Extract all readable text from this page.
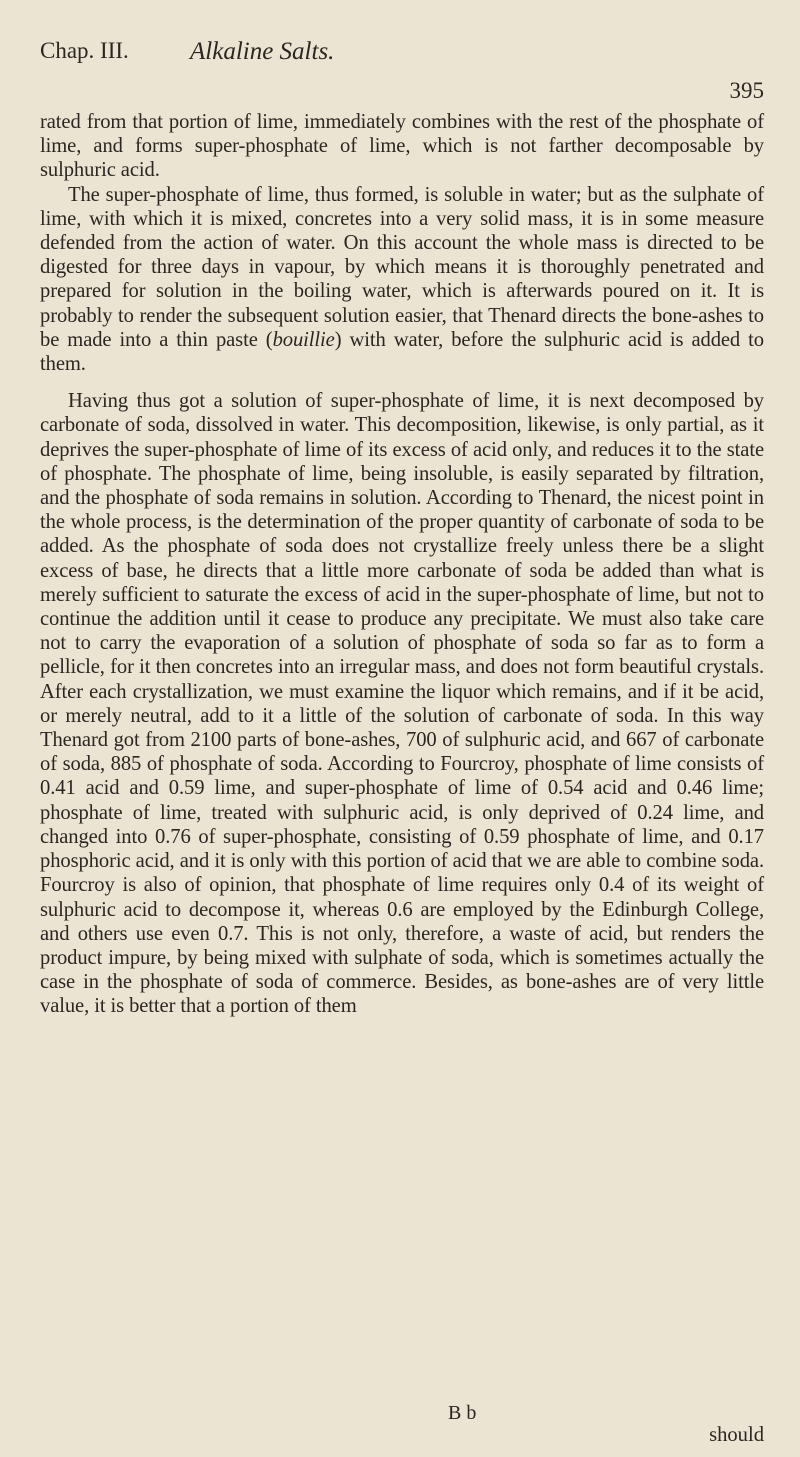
Chap. III. Alkaline Salts.
395

rated from that portion of lime, immediately combines with the rest of the phosphate of lime, and forms super-phosphate of lime, which is not farther decomposable by sulphuric acid.

The super-phosphate of lime, thus formed, is soluble in water; but as the sulphate of lime, with which it is mixed, concretes into a very solid mass, it is in some measure defended from the action of water. On this account the whole mass is directed to be digested for three days in vapour, by which means it is thoroughly penetrated and prepared for solution in the boiling water, which is afterwards poured on it. It is probably to render the subsequent solution easier, that Thenard directs the bone-ashes to be made into a thin paste (bouillie) with water, before the sulphuric acid is added to them.

Having thus got a solution of super-phosphate of lime, it is next decomposed by carbonate of soda, dissolved in water. This decomposition, likewise, is only partial, as it deprives the super-phosphate of lime of its excess of acid only, and reduces it to the state of phosphate. The phosphate of lime, being insoluble, is easily separated by filtration, and the phosphate of soda remains in solution. According to Thenard, the nicest point in the whole process, is the determination of the proper quantity of carbonate of soda to be added. As the phosphate of soda does not crystallize freely unless there be a slight excess of base, he directs that a little more carbonate of soda be added than what is merely sufficient to saturate the excess of acid in the super-phosphate of lime, but not to continue the addition until it cease to produce any precipitate. We must also take care not to carry the evaporation of a solution of phosphate of soda so far as to form a pellicle, for it then concretes into an irregular mass, and does not form beautiful crystals. After each crystallization, we must examine the liquor which remains, and if it be acid, or merely neutral, add to it a little of the solution of carbonate of soda. In this way Thenard got from 2100 parts of bone-ashes, 700 of sulphuric acid, and 667 of carbonate of soda, 885 of phosphate of soda. According to Fourcroy, phosphate of lime consists of 0.41 acid and 0.59 lime, and super-phosphate of lime of 0.54 acid and 0.46 lime; phosphate of lime, treated with sulphuric acid, is only deprived of 0.24 lime, and changed into 0.76 of super-phosphate, consisting of 0.59 phosphate of lime, and 0.17 phosphoric acid, and it is only with this portion of acid that we are able to combine soda. Fourcroy is also of opinion, that phosphate of lime requires only 0.4 of its weight of sulphuric acid to decompose it, whereas 0.6 are employed by the Edinburgh College, and others use even 0.7. This is not only, therefore, a waste of acid, but renders the product impure, by being mixed with sulphate of soda, which is sometimes actually the case in the phosphate of soda of commerce. Besides, as bone-ashes are of very little value, it is better that a portion of them

B b
should
